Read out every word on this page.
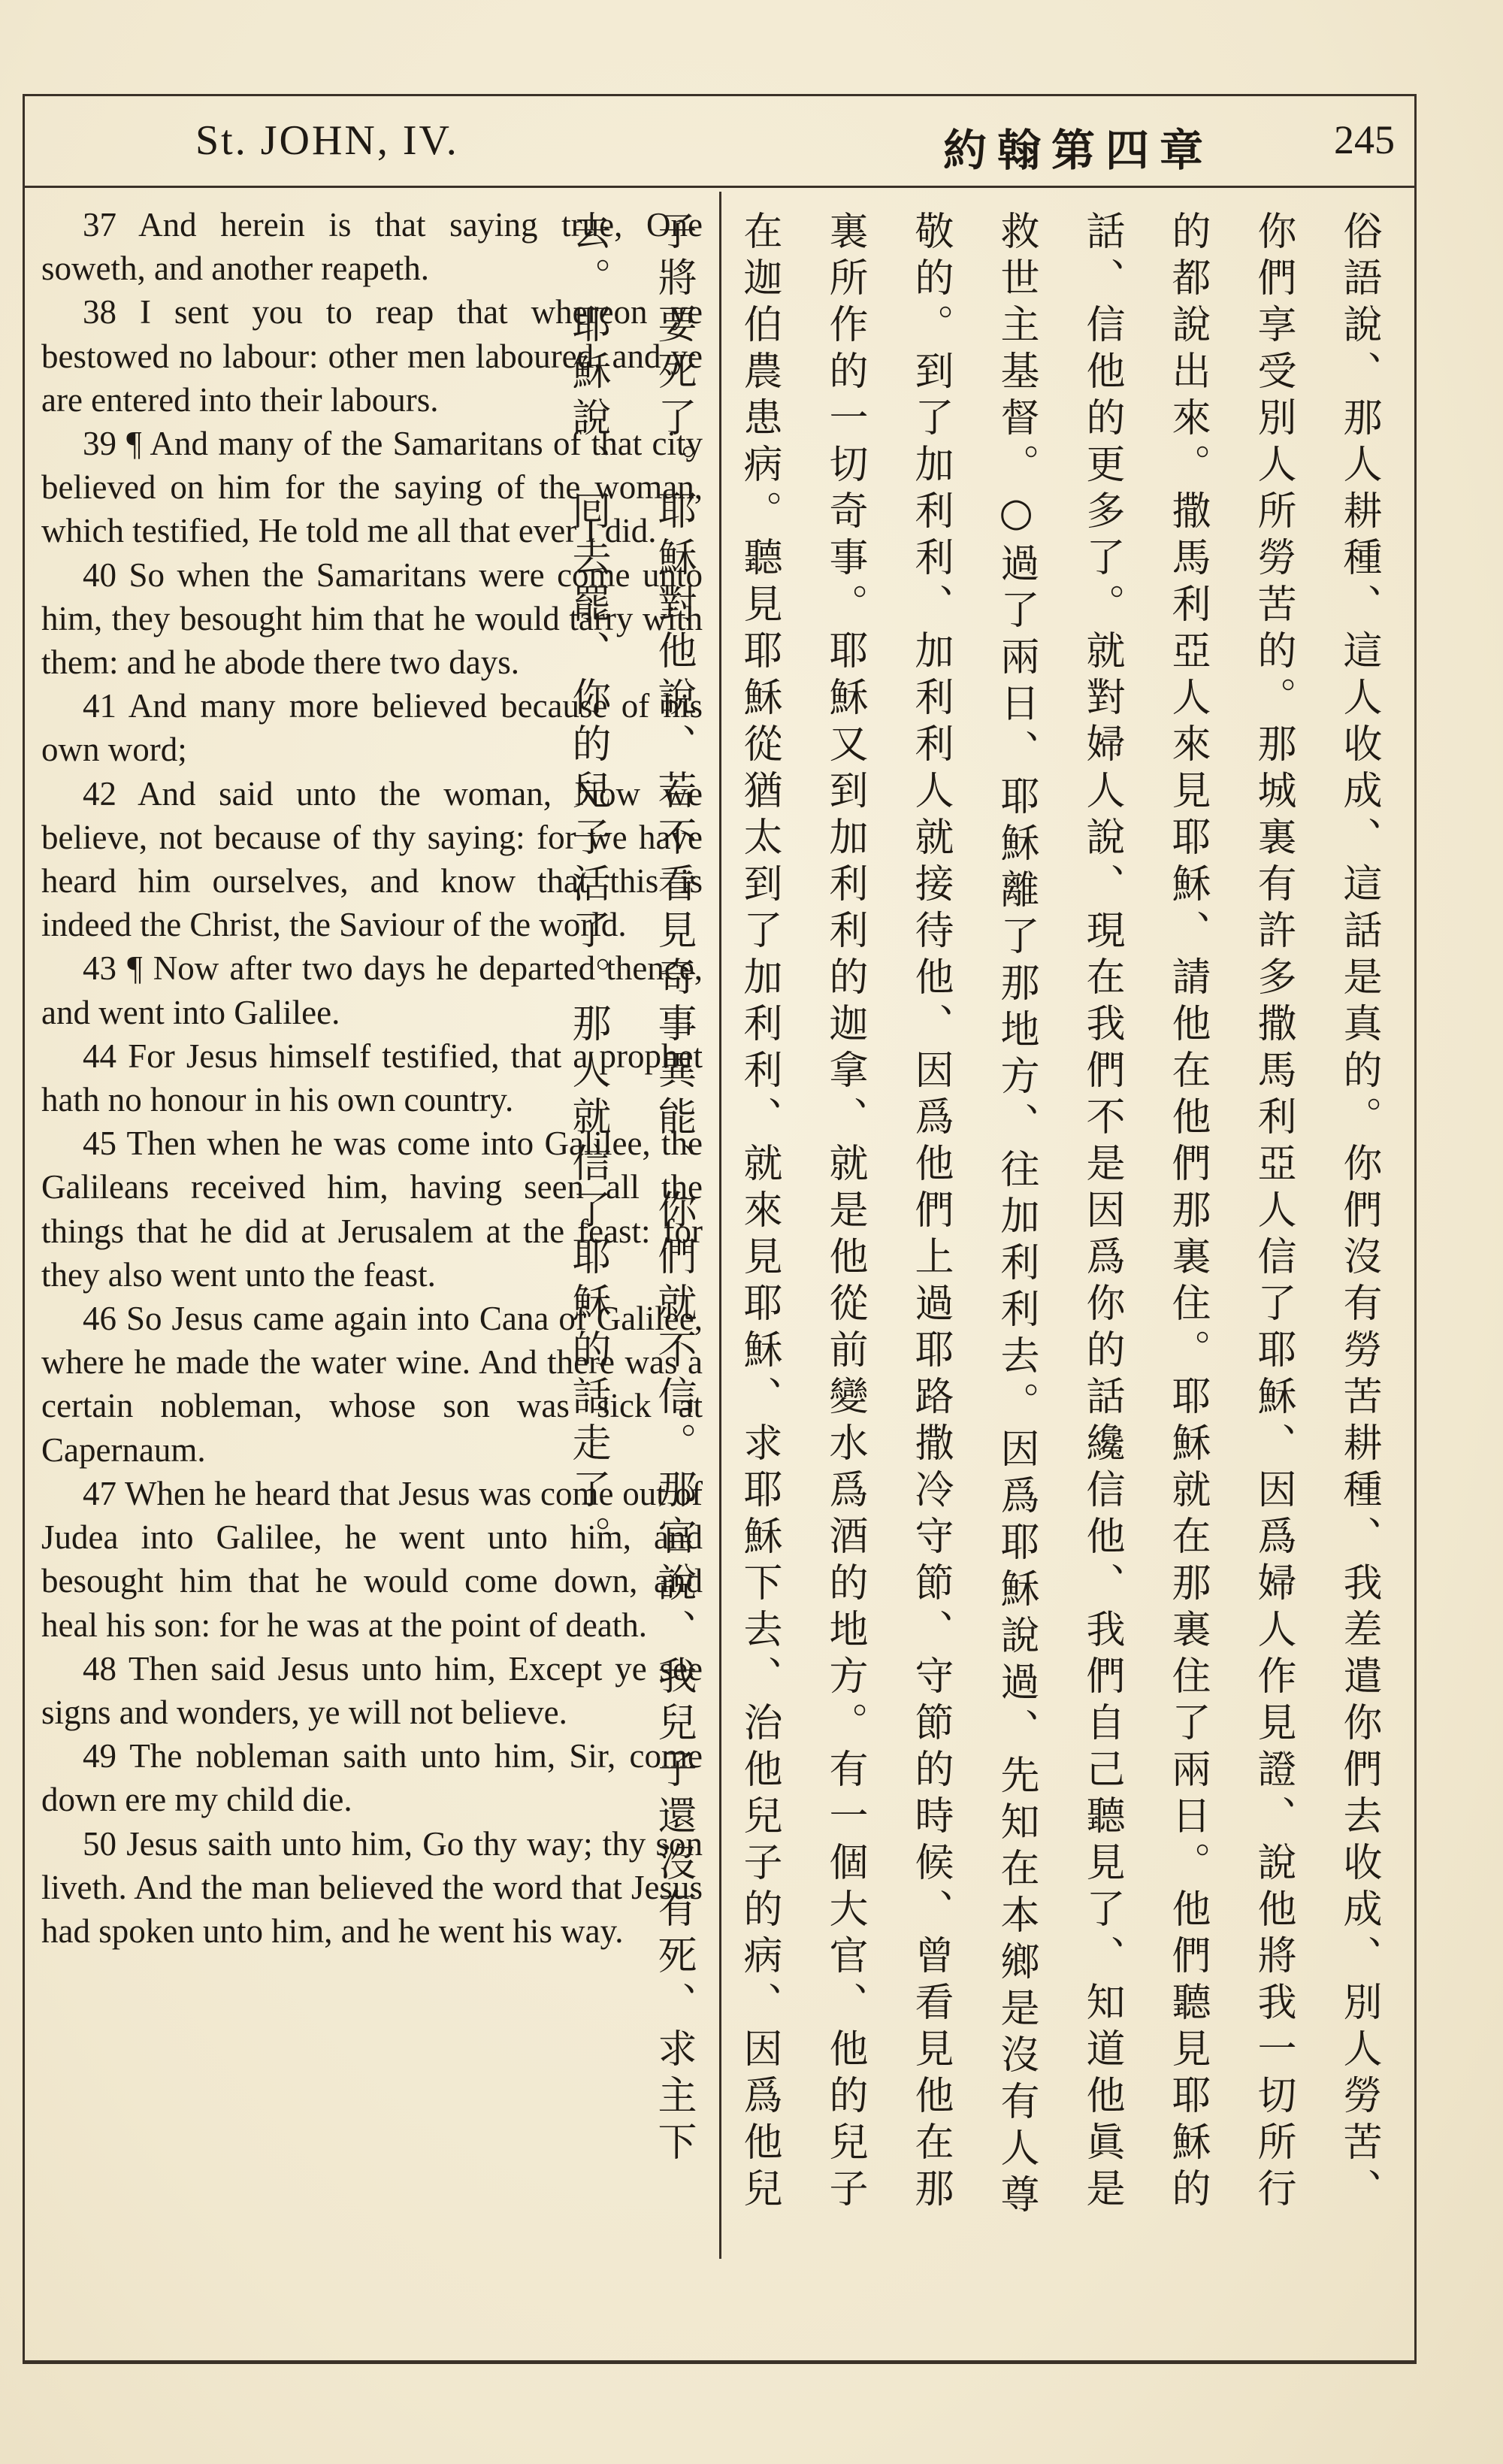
St. JOHN, IV.	約翰第四章	245

37 And herein is that saying true, One soweth, and another reapeth.

38 I sent you to reap that whereon ye bestowed no labour: other men laboured, and ye are entered into their labours.

39 ¶ And many of the Samaritans of that city believed on him for the saying of the woman, which testified, He told me all that ever I did.

40 So when the Samaritans were come unto him, they besought him that he would tarry with them: and he abode there two days.

41 And many more believed because of his own word;

42 And said unto the woman, Now we believe, not because of thy saying: for we have heard him ourselves, and know that this is indeed the Christ, the Saviour of the world.

43 ¶ Now after two days he departed thence, and went into Galilee.

44 For Jesus himself testified, that a prophet hath no honour in his own country.

45 Then when he was come into Galilee, the Galileans received him, having seen all the things that he did at Jerusalem at the feast: for they also went unto the feast.

46 So Jesus came again into Cana of Galilee, where he made the water wine. And there was a certain nobleman, whose son was sick at Capernaum.

47 When he heard that Jesus was come out of Judea into Galilee, he went unto him, and besought him that he would come down, and heal his son: for he was at the point of death.

48 Then said Jesus unto him, Except ye see signs and wonders, ye will not believe.

49 The nobleman saith unto him, Sir, come down ere my child die.

50 Jesus saith unto him, Go thy way; thy son liveth. And the man believed the word that Jesus had spoken unto him, and he went his way.	俗語說、那人耕種、這人收成、這話是真的。你們沒有勞苦耕種、我差遣你們去收成、別人勞苦、你們享受別人所勞苦的。那城裏有許多撒馬利亞人信了耶穌、因爲婦人作見證、說他將我一切所行的都說出來。撒馬利亞人來見耶穌、請他在他們那裏住。耶穌就在那裏住了兩日。他們聽見耶穌的話、信他的更多了。就對婦人說、現在我們不是因爲你的話纔信他、我們自己聽見了、知道他眞是救世主基督。○過了兩日、耶穌離了那地方、往加利利去。因爲耶穌說過、先知在本鄉是沒有人尊敬的。到了加利利、加利利人就接待他、因爲他們上過耶路撒冷守節、守節的時候、曾看見他在那裏所作的一切奇事。耶穌又到加利利的迦拿、就是他從前變水爲酒的地方。有一個大官、他的兒子在迦伯農患病。聽見耶穌從猶太到了加利利、就來見耶穌、求耶穌下去、治他兒子的病、因爲他兒子將要死了。耶穌對他說、若不看見奇事異能、你們就不信。那官說、我兒子還沒有死、求主下去。耶穌說、囘去罷、你的兒子活了。那人就信了耶穌的話走了。
